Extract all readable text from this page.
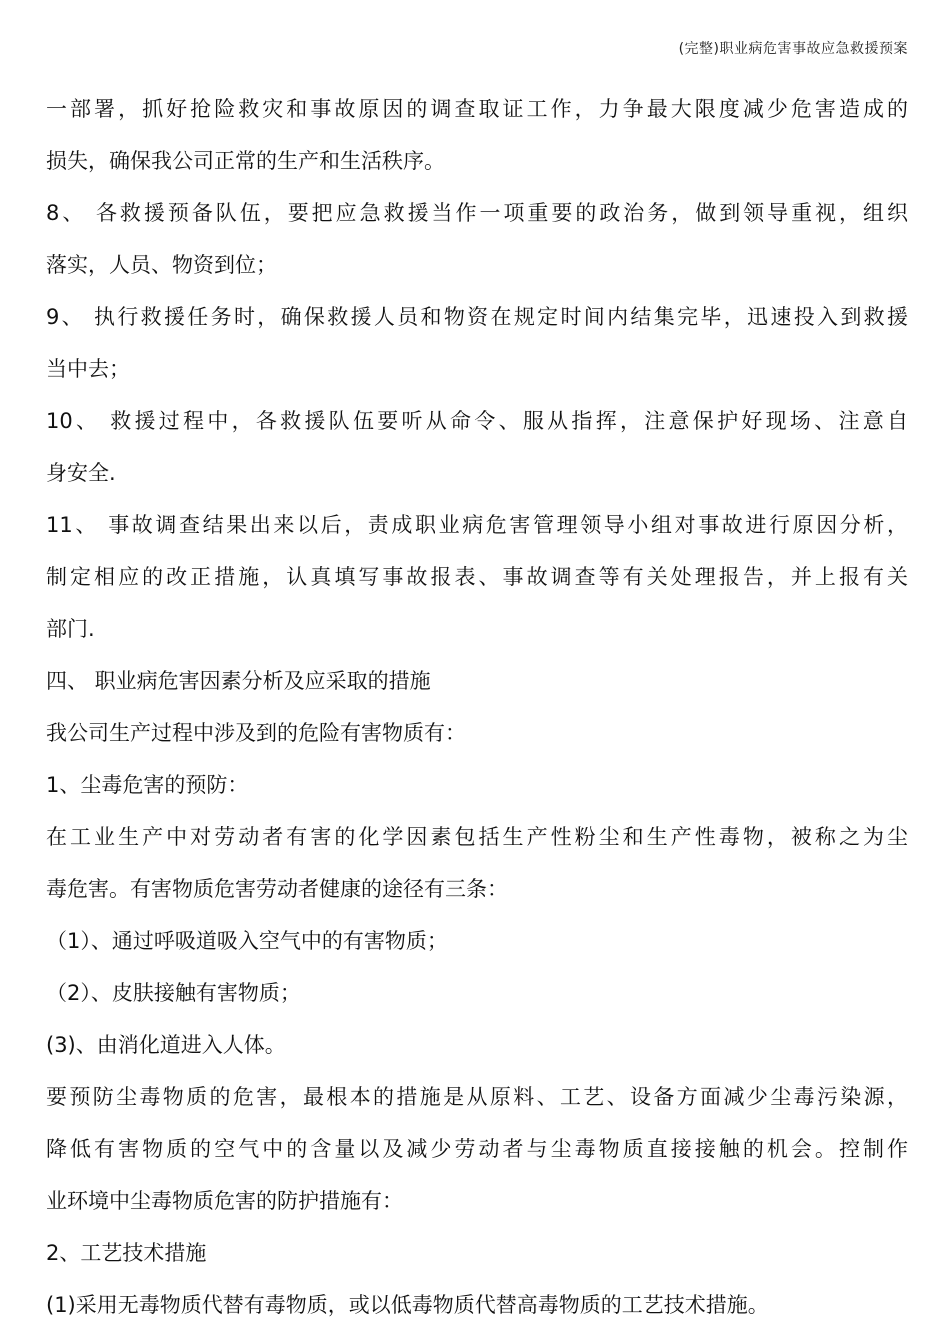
(完整)职业病危害事故应急救援预案
一部署，抓好抢险救灾和事故原因的调查取证工作，力争最大限度减少危害造成的
损失，确保我公司正常的生产和生活秩序。
8、 各救援预备队伍，要把应急救援当作一项重要的政治务，做到领导重视，组织
落实，人员、物资到位；
9、 执行救援任务时，确保救援人员和物资在规定时间内结集完毕，迅速投入到救援
当中去；
10、 救援过程中，各救援队伍要听从命令、服从指挥，注意保护好现场、注意自
身安全.
11、 事故调查结果出来以后，责成职业病危害管理领导小组对事故进行原因分析，
制定相应的改正措施，认真填写事故报表、事故调查等有关处理报告，并上报有关
部门.
四、 职业病危害因素分析及应采取的措施
我公司生产过程中涉及到的危险有害物质有：
1、尘毒危害的预防：
在工业生产中对劳动者有害的化学因素包括生产性粉尘和生产性毒物，被称之为尘
毒危害。有害物质危害劳动者健康的途径有三条：
（1）、通过呼吸道吸入空气中的有害物质；
（2）、皮肤接触有害物质；
(3)、由消化道进入人体。
要预防尘毒物质的危害，最根本的措施是从原料、工艺、设备方面减少尘毒污染源，
降低有害物质的空气中的含量以及减少劳动者与尘毒物质直接接触的机会。控制作
业环境中尘毒物质危害的防护措施有：
2、工艺技术措施
(1)采用无毒物质代替有毒物质，或以低毒物质代替高毒物质的工艺技术措施。
